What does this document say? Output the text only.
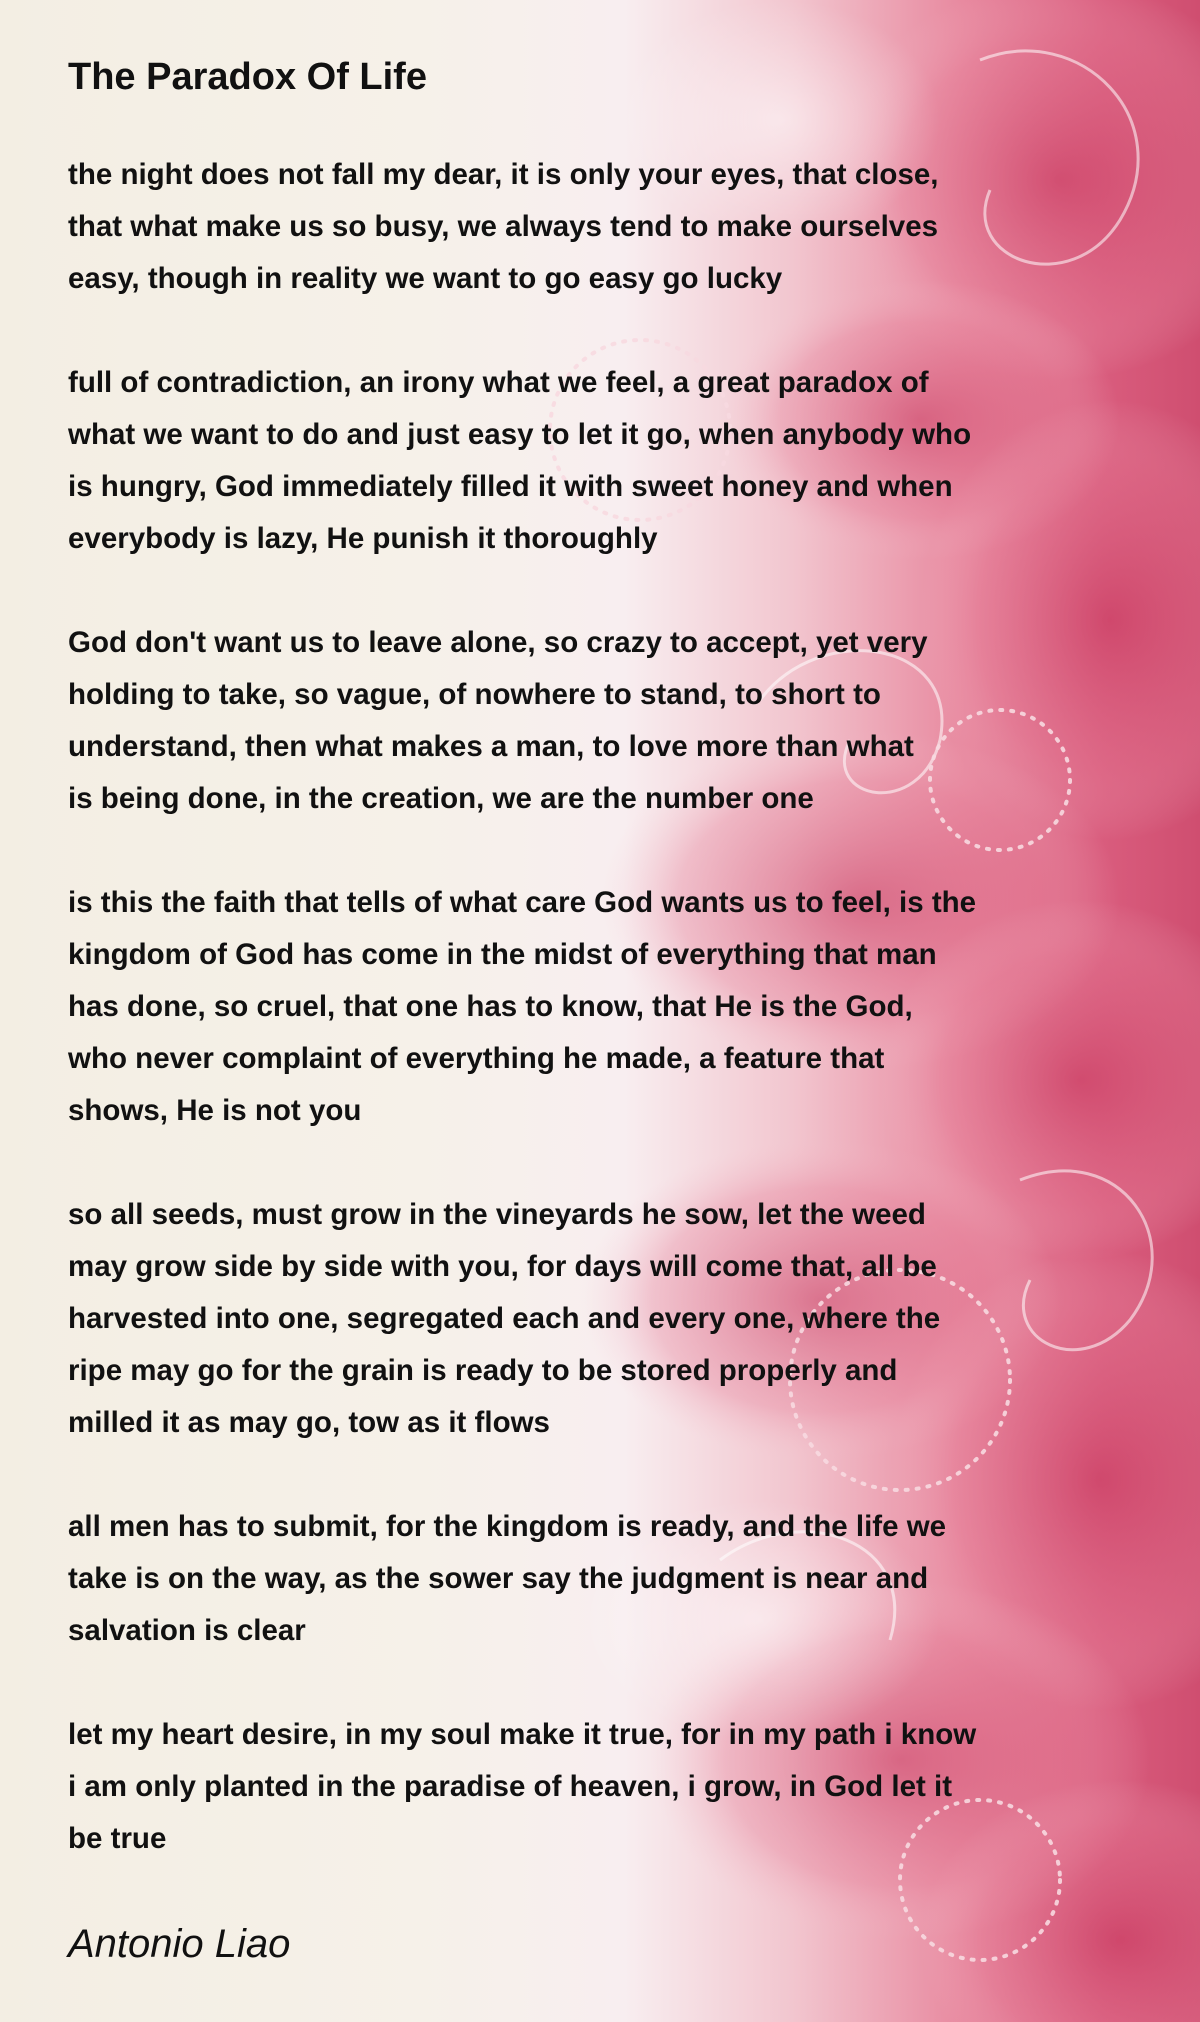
The Paradox Of Life

the night does not fall my dear, it is only your eyes, that close,
that what make us so busy, we always tend to make ourselves
easy, though in reality we want to go easy go lucky

full of contradiction, an irony what we feel, a great paradox of
what we want to do and just easy to let it go, when anybody who
is hungry, God immediately filled it with sweet honey and when
everybody is lazy, He punish it thoroughly

God don't want us to leave alone, so crazy to accept, yet very
holding to take, so vague, of nowhere to stand, to short to
understand, then what makes a man, to love more than what
is being done, in the creation, we are the number one

is this the faith that tells of what care God wants us to feel, is the
kingdom of God has come in the midst of everything that man
has done, so cruel, that one has to know, that He is the God,
who never complaint of everything he made, a feature that
shows, He is not you

so all seeds, must grow in the vineyards he sow, let the weed
may grow side by side with you, for days will come that, all be
harvested into one, segregated each and every one, where the
ripe may go for the grain is ready to be stored properly and
milled it as may go, tow as it flows

all men has to submit, for the kingdom is ready, and the life we
take is on the way, as the sower say the judgment is near and
salvation is clear

let my heart desire, in my soul make it true, for in my path i know
i am only planted in the paradise of heaven, i grow, in God let it
be true

Antonio Liao
